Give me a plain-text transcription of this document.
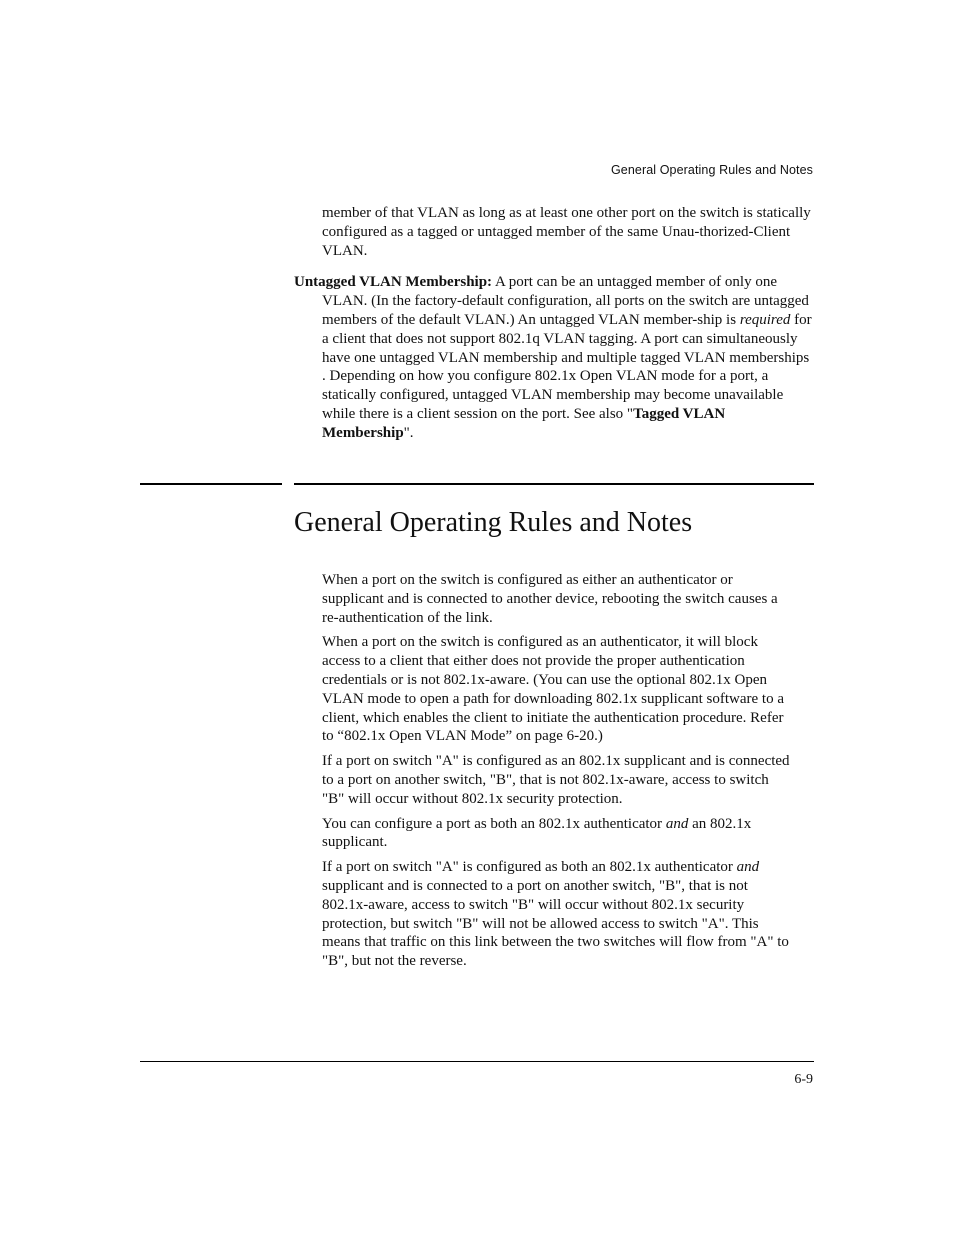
General Operating Rules and Notes

member of that VLAN as long as at least one other port on the switch is statically configured as a tagged or untagged member of the same Unau-thorized-Client VLAN.

Untagged VLAN Membership: A port can be an untagged member of only one VLAN. (In the factory-default configuration, all ports on the switch are untagged members of the default VLAN.) An untagged VLAN member-ship is required for a client that does not support 802.1q VLAN tagging. A port can simultaneously have one untagged VLAN membership and multiple tagged VLAN memberships . Depending on how you configure 802.1x Open VLAN mode for a port, a statically configured, untagged VLAN membership may become unavailable while there is a client session on the port. See also "Tagged VLAN Membership".

General Operating Rules and Notes

When a port on the switch is configured as either an authenticator or supplicant and is connected to another device, rebooting the switch causes a re-authentication of the link.

When a port on the switch is configured as an authenticator, it will block access to a client that either does not provide the proper authentication credentials or is not 802.1x-aware. (You can use the optional 802.1x Open VLAN mode to open a path for downloading 802.1x supplicant software to a client, which enables the client to initiate the authentication procedure. Refer to “802.1x Open VLAN Mode” on page 6-20.)

If a port on switch "A" is configured as an 802.1x supplicant and is connected to a port on another switch, "B", that is not 802.1x-aware, access to switch "B" will occur without 802.1x security protection.

You can configure a port as both an 802.1x authenticator and an 802.1x supplicant.

If a port on switch "A" is configured as both an 802.1x authenticator and supplicant and is connected to a port on another switch, "B", that is not 802.1x-aware, access to switch "B" will occur without 802.1x security protection, but switch "B" will not be allowed access to switch "A". This means that traffic on this link between the two switches will flow from "A" to "B", but not the reverse.

6-9
